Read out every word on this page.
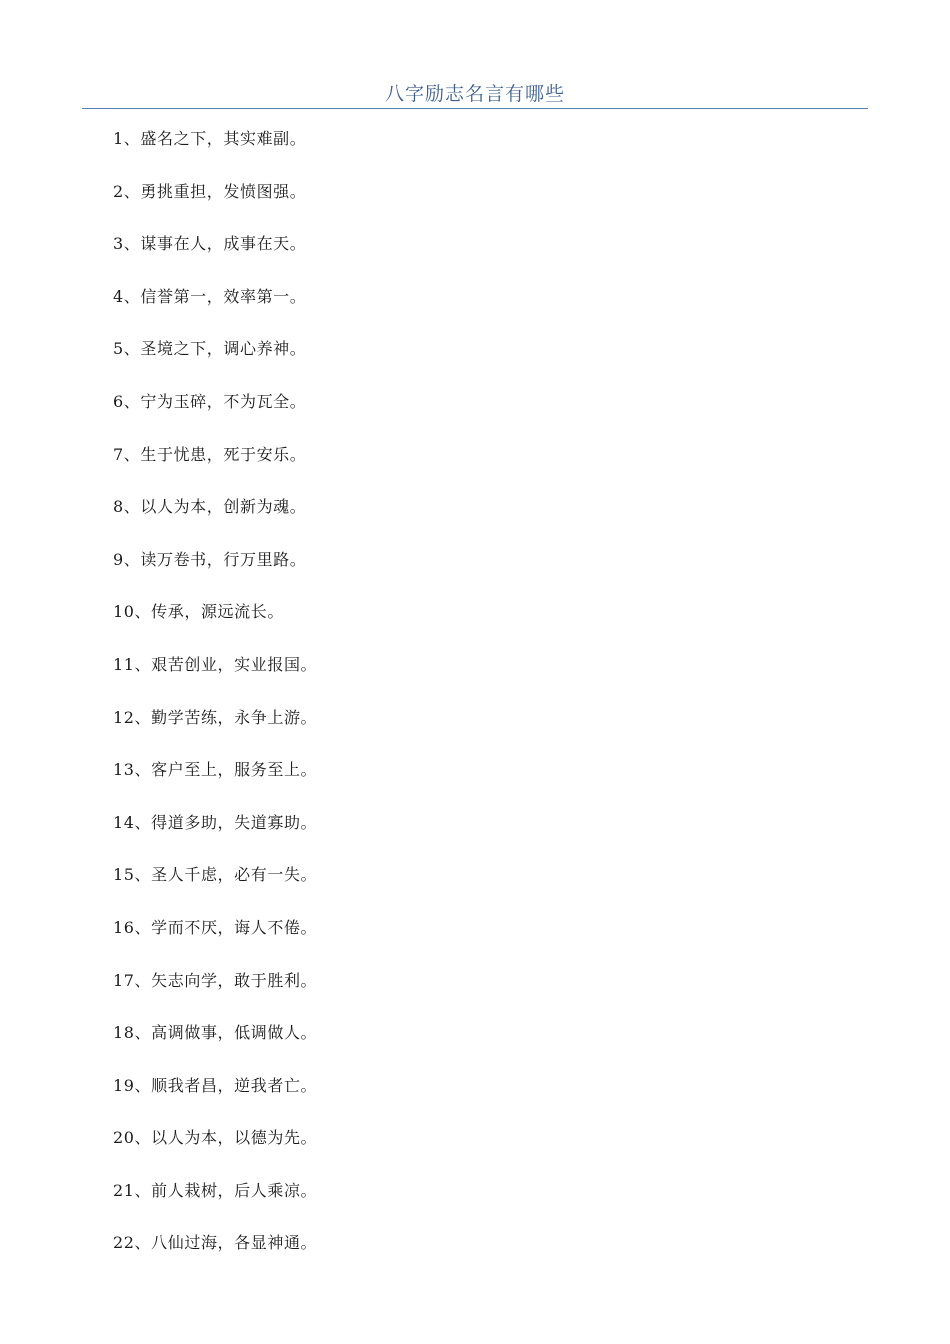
八字励志名言有哪些
1、盛名之下，其实难副。
2、勇挑重担，发愤图强。
3、谋事在人，成事在天。
4、信誉第一，效率第一。
5、圣境之下，调心养神。
6、宁为玉碎，不为瓦全。
7、生于忧患，死于安乐。
8、以人为本，创新为魂。
9、读万卷书，行万里路。
10、传承，源远流长。
11、艰苦创业，实业报国。
12、勤学苦练，永争上游。
13、客户至上，服务至上。
14、得道多助，失道寡助。
15、圣人千虑，必有一失。
16、学而不厌，诲人不倦。
17、矢志向学，敢于胜利。
18、高调做事，低调做人。
19、顺我者昌，逆我者亡。
20、以人为本，以德为先。
21、前人栽树，后人乘凉。
22、八仙过海，各显神通。
